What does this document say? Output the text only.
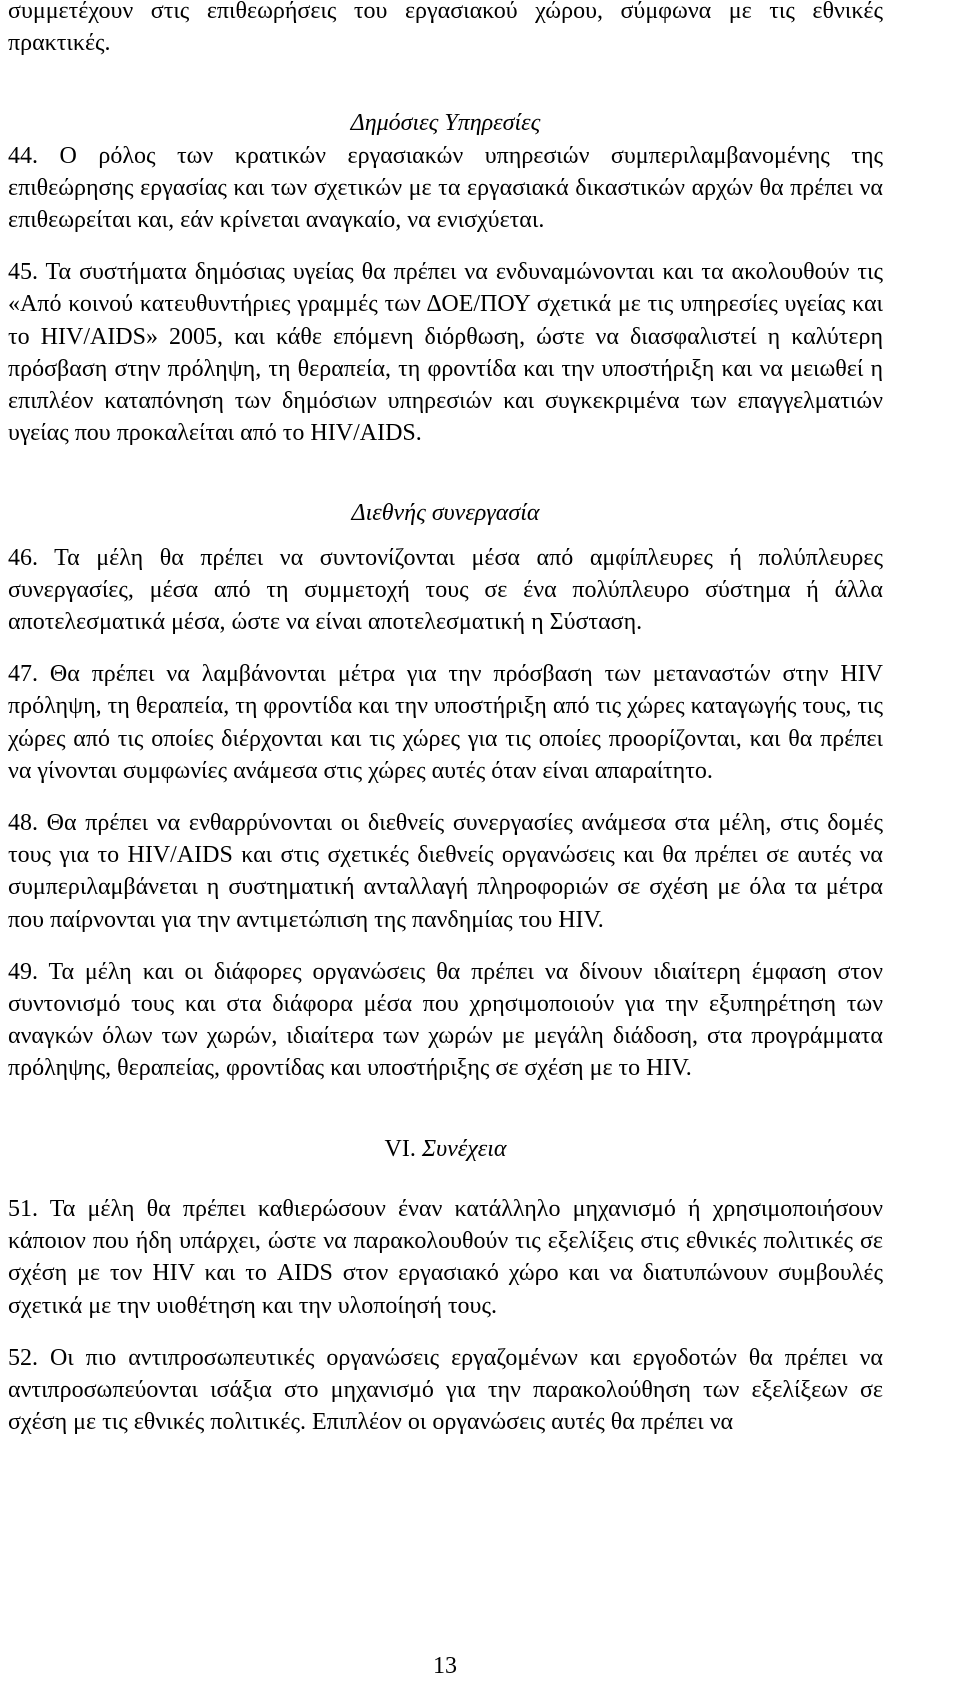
συμμετέχουν στις επιθεωρήσεις του εργασιακού χώρου, σύμφωνα με τις εθνικές πρακτικές.

Δημόσιες Υπηρεσίες

44. Ο ρόλος των κρατικών εργασιακών υπηρεσιών συμπεριλαμβανομένης της επιθεώρησης εργασίας και των σχετικών με τα εργασιακά δικαστικών αρχών θα πρέπει να επιθεωρείται και, εάν κρίνεται αναγκαίο, να ενισχύεται.

45. Τα συστήματα δημόσιας υγείας θα πρέπει να ενδυναμώνονται και τα ακολουθούν τις «Από κοινού κατευθυντήριες γραμμές των ΔΟΕ/ΠΟΥ σχετικά με τις υπηρεσίες υγείας και το HIV/AIDS» 2005, και κάθε επόμενη διόρθωση, ώστε να διασφαλιστεί η καλύτερη πρόσβαση στην πρόληψη, τη θεραπεία, τη φροντίδα και την υποστήριξη και να μειωθεί η επιπλέον καταπόνηση των δημόσιων υπηρεσιών και συγκεκριμένα των επαγγελματιών υγείας που προκαλείται από το HIV/AIDS.

Διεθνής συνεργασία

46. Τα μέλη θα πρέπει να συντονίζονται μέσα από αμφίπλευρες ή πολύπλευρες συνεργασίες, μέσα από τη συμμετοχή τους σε ένα πολύπλευρο σύστημα ή άλλα αποτελεσματικά μέσα, ώστε να είναι αποτελεσματική η Σύσταση.

47. Θα πρέπει να λαμβάνονται μέτρα για την πρόσβαση των μεταναστών στην HIV πρόληψη, τη θεραπεία, τη φροντίδα και την υποστήριξη από τις χώρες καταγωγής τους, τις χώρες από τις οποίες διέρχονται και τις χώρες για τις οποίες προορίζονται, και θα πρέπει να γίνονται συμφωνίες ανάμεσα στις χώρες αυτές όταν είναι απαραίτητο.

48. Θα πρέπει να ενθαρρύνονται οι διεθνείς συνεργασίες ανάμεσα στα μέλη, στις δομές τους για το HIV/AIDS και στις σχετικές διεθνείς οργανώσεις και θα πρέπει σε αυτές να συμπεριλαμβάνεται η συστηματική ανταλλαγή πληροφοριών σε σχέση με όλα τα μέτρα που παίρνονται για την αντιμετώπιση της πανδημίας του HIV.

49. Τα μέλη και οι διάφορες οργανώσεις θα πρέπει να δίνουν ιδιαίτερη έμφαση στον συντονισμό τους και στα διάφορα μέσα που χρησιμοποιούν για την εξυπηρέτηση των αναγκών όλων των χωρών, ιδιαίτερα των χωρών με μεγάλη διάδοση, στα προγράμματα πρόληψης, θεραπείας, φροντίδας και υποστήριξης σε σχέση με το HIV.

VI. Συνέχεια

51. Τα μέλη θα πρέπει καθιερώσουν έναν κατάλληλο μηχανισμό ή χρησιμοποιήσουν κάποιον που ήδη υπάρχει, ώστε να παρακολουθούν τις εξελίξεις στις εθνικές πολιτικές σε σχέση με τον HIV και το AIDS στον εργασιακό χώρο και να διατυπώνουν συμβουλές σχετικά με την υιοθέτηση και την υλοποίησή τους.

52. Οι πιο αντιπροσωπευτικές οργανώσεις εργαζομένων και εργοδοτών θα πρέπει να αντιπροσωπεύονται ισάξια στο μηχανισμό για την παρακολούθηση των εξελίξεων σε σχέση με τις εθνικές πολιτικές. Επιπλέον οι οργανώσεις αυτές θα πρέπει να

13
